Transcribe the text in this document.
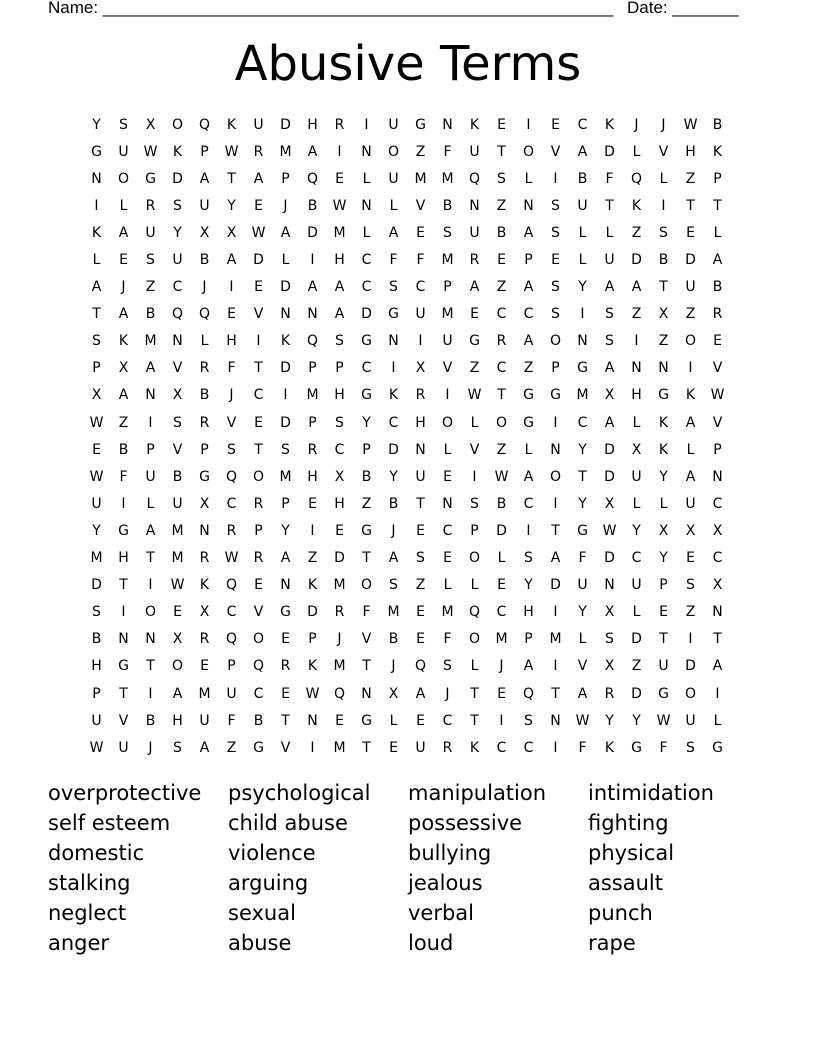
Name: ______________________________________________________ Date: _______
Abusive Terms
Y	S	X	O	Q	K	U	D	H	R	I	U	G	N	K	E	I	E	C	K	J	J	W	B
G	U	W	K	P	W	R	M	A	I	N	O	Z	F	U	T	O	V	A	D	L	V	H	K
N	O	G	D	A	T	A	P	Q	E	L	U	M	M	Q	S	L	I	B	F	Q	L	Z	P
I	L	R	S	U	Y	E	J	B	W	N	L	V	B	N	Z	N	S	U	T	K	I	T	T
K	A	U	Y	X	X	W	A	D	M	L	A	E	S	U	B	A	S	L	L	Z	S	E	L
L	E	S	U	B	A	D	L	I	H	C	F	F	M	R	E	P	E	L	U	D	B	D	A
A	J	Z	C	J	I	E	D	A	A	C	S	C	P	A	Z	A	S	Y	A	A	T	U	B
T	A	B	Q	Q	E	V	N	N	A	D	G	U	M	E	C	C	S	I	S	Z	X	Z	R
S	K	M	N	L	H	I	K	Q	S	G	N	I	U	G	R	A	O	N	S	I	Z	O	E
P	X	A	V	R	F	T	D	P	P	C	I	X	V	Z	C	Z	P	G	A	N	N	I	V
X	A	N	X	B	J	C	I	M	H	G	K	R	I	W	T	G	G	M	X	H	G	K	W
W	Z	I	S	R	V	E	D	P	S	Y	C	H	O	L	O	G	I	C	A	L	K	A	V
E	B	P	V	P	S	T	S	R	C	P	D	N	L	V	Z	L	N	Y	D	X	K	L	P
W	F	U	B	G	Q	O	M	H	X	B	Y	U	E	I	W	A	O	T	D	U	Y	A	N
U	I	L	U	X	C	R	P	E	H	Z	B	T	N	S	B	C	I	Y	X	L	L	U	C
Y	G	A	M	N	R	P	Y	I	E	G	J	E	C	P	D	I	T	G	W	Y	X	X	X
M	H	T	M	R	W	R	A	Z	D	T	A	S	E	O	L	S	A	F	D	C	Y	E	C
D	T	I	W	K	Q	E	N	K	M	O	S	Z	L	L	E	Y	D	U	N	U	P	S	X
S	I	O	E	X	C	V	G	D	R	F	M	E	M	Q	C	H	I	Y	X	L	E	Z	N
B	N	N	X	R	Q	O	E	P	J	V	B	E	F	O	M	P	M	L	S	D	T	I	T
H	G	T	O	E	P	Q	R	K	M	T	J	Q	S	L	J	A	I	V	X	Z	U	D	A
P	T	I	A	M	U	C	E	W	Q	N	X	A	J	T	E	Q	T	A	R	D	G	O	I
U	V	B	H	U	F	B	T	N	E	G	L	E	C	T	I	S	N	W	Y	Y	W	U	L
W	U	J	S	A	Z	G	V	I	M	T	E	U	R	K	C	C	I	F	K	G	F	S	G
overprotective	psychological	manipulation	intimidation
self esteem	child abuse	possessive	fighting
domestic	violence	bullying	physical
stalking	arguing	jealous	assault
neglect	sexual	verbal	punch
anger	abuse	loud	rape
